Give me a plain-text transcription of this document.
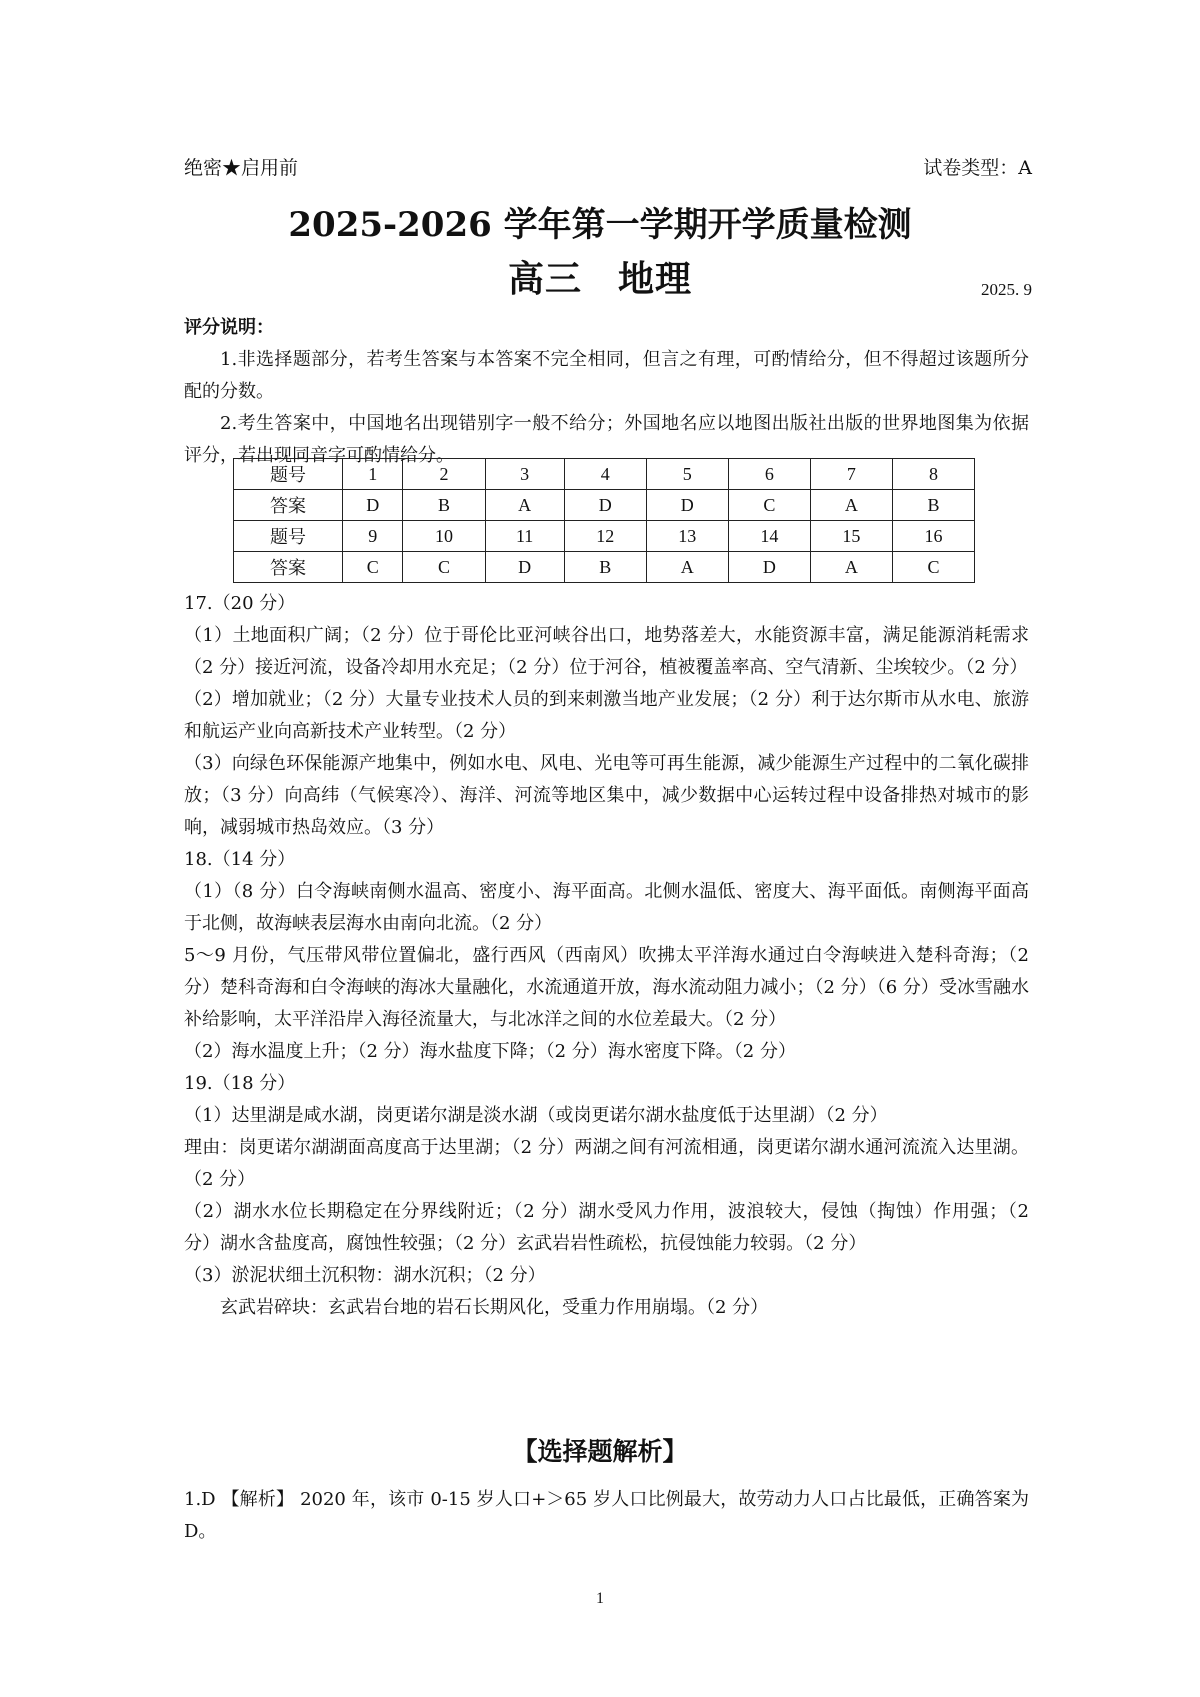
绝密★启用前	试卷类型：A
2025-2026 学年第一学期开学质量检测
高三 地理	2025. 9

评分说明：

1.非选择题部分，若考生答案与本答案不完全相同，但言之有理，可酌情给分，但不得超过该题所分配的分数。

2.考生答案中，中国地名出现错别字一般不给分；外国地名应以地图出版社出版的世界地图集为依据评分，若出现同音字可酌情给分。

题号	1	2	3	4	5	6	7	8
答案	D	B	A	D	D	C	A	B
题号	9	10	11	12	13	14	15	16
答案	C	C	D	B	A	D	A	C

17.（20 分）

（1）土地面积广阔；（2 分）位于哥伦比亚河峡谷出口，地势落差大，水能资源丰富，满足能源消耗需求（2 分）接近河流，设备冷却用水充足；（2 分）位于河谷，植被覆盖率高、空气清新、尘埃较少。（2 分）

（2）增加就业；（2 分）大量专业技术人员的到来刺激当地产业发展；（2 分）利于达尔斯市从水电、旅游和航运产业向高新技术产业转型。（2 分）

（3）向绿色环保能源产地集中，例如水电、风电、光电等可再生能源，减少能源生产过程中的二氧化碳排放；（3 分）向高纬（气候寒冷）、海洋、河流等地区集中，减少数据中心运转过程中设备排热对城市的影响，减弱城市热岛效应。（3 分）

18.（14 分）

（1）（8 分）白令海峡南侧水温高、密度小、海平面高。北侧水温低、密度大、海平面低。南侧海平面高于北侧，故海峡表层海水由南向北流。（2 分）

5～9 月份，气压带风带位置偏北，盛行西风（西南风）吹拂太平洋海水通过白令海峡进入楚科奇海；（2 分）楚科奇海和白令海峡的海冰大量融化，水流通道开放，海水流动阻力减小；（2 分）（6 分）受冰雪融水补给影响，太平洋沿岸入海径流量大，与北冰洋之间的水位差最大。（2 分）

（2）海水温度上升；（2 分）海水盐度下降；（2 分）海水密度下降。（2 分）

19.（18 分）

（1）达里湖是咸水湖，岗更诺尔湖是淡水湖（或岗更诺尔湖水盐度低于达里湖）（2 分）

理由：岗更诺尔湖湖面高度高于达里湖；（2 分）两湖之间有河流相通，岗更诺尔湖水通河流流入达里湖。（2 分）

（2）湖水水位长期稳定在分界线附近；（2 分）湖水受风力作用，波浪较大，侵蚀（掏蚀）作用强；（2 分）湖水含盐度高，腐蚀性较强；（2 分）玄武岩岩性疏松，抗侵蚀能力较弱。（2 分）

（3）淤泥状细土沉积物：湖水沉积；（2 分）

玄武岩碎块：玄武岩台地的岩石长期风化，受重力作用崩塌。（2 分）

【选择题解析】

1.D 【解析】 2020 年，该市 0-15 岁人口+＞65 岁人口比例最大，故劳动力人口占比最低，正确答案为 D。

1
